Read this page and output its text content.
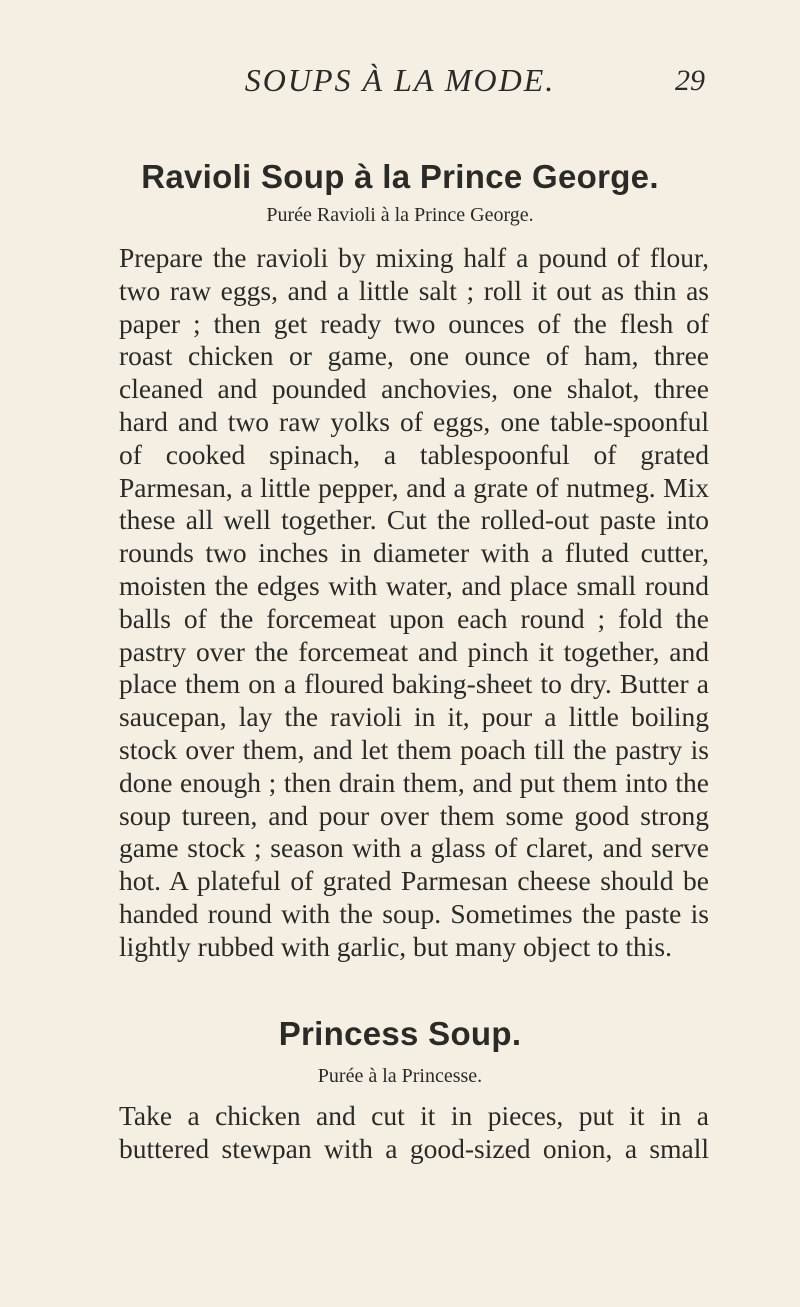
SOUPS À LA MODE.	29
Ravioli Soup à la Prince George.
Purée Ravioli à la Prince George.

Prepare the ravioli by mixing half a pound of flour, two raw eggs, and a little salt ; roll it out as thin as paper ; then get ready two ounces of the flesh of roast chicken or game, one ounce of ham, three cleaned and pounded anchovies, one shalot, three hard and two raw yolks of eggs, one table-spoonful of cooked spinach, a tablespoonful of grated Parmesan, a little pepper, and a grate of nutmeg. Mix these all well together. Cut the rolled-out paste into rounds two inches in diameter with a fluted cutter, moisten the edges with water, and place small round balls of the forcemeat upon each round ; fold the pastry over the forcemeat and pinch it together, and place them on a floured baking-sheet to dry. Butter a saucepan, lay the ravioli in it, pour a little boiling stock over them, and let them poach till the pastry is done enough ; then drain them, and put them into the soup tureen, and pour over them some good strong game stock ; season with a glass of claret, and serve hot. A plateful of grated Parmesan cheese should be handed round with the soup. Sometimes the paste is lightly rubbed with garlic, but many object to this.

Princess Soup.
Purée à la Princesse.

Take a chicken and cut it in pieces, put it in a buttered stewpan with a good-sized onion, a small
